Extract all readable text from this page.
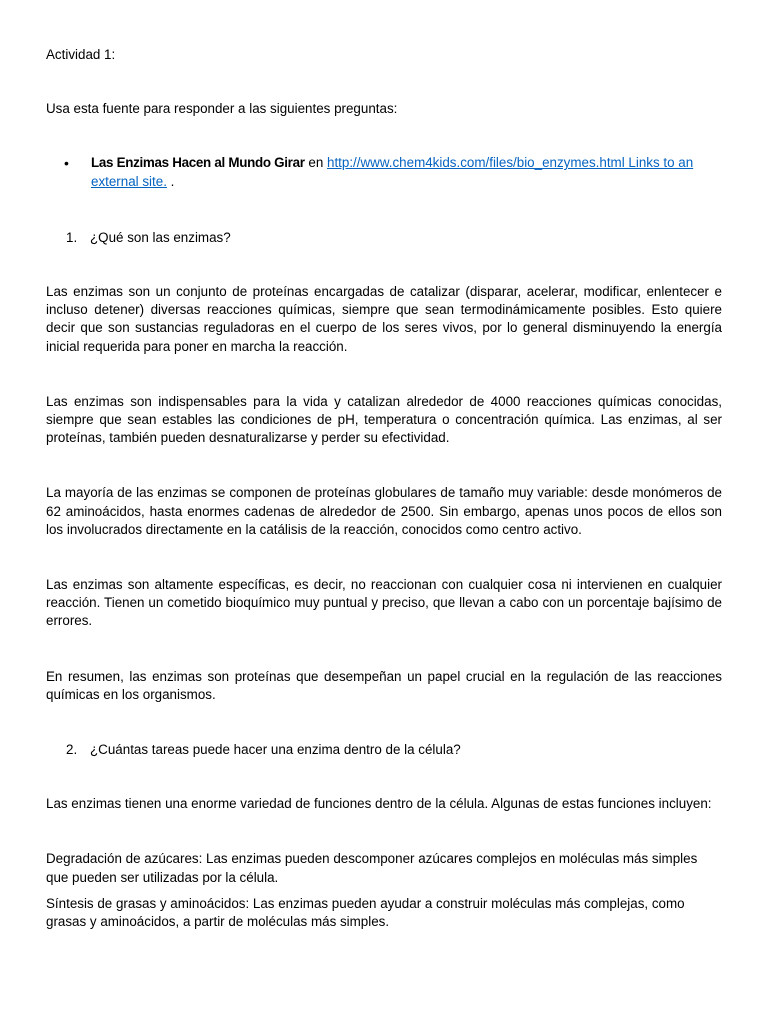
Actividad 1:

Usa esta fuente para responder a las siguientes preguntas:

•	Las Enzimas Hacen al Mundo Girar en http://www.chem4kids.com/files/bio_enzymes.html Links to an external site. .
1. ¿Qué son las enzimas?

Las enzimas son un conjunto de proteínas encargadas de catalizar (disparar, acelerar, modificar, enlentecer e incluso detener) diversas reacciones químicas, siempre que sean termodinámicamente posibles. Esto quiere decir que son sustancias reguladoras en el cuerpo de los seres vivos, por lo general disminuyendo la energía inicial requerida para poner en marcha la reacción.

Las enzimas son indispensables para la vida y catalizan alrededor de 4000 reacciones químicas conocidas, siempre que sean estables las condiciones de pH, temperatura o concentración química. Las enzimas, al ser proteínas, también pueden desnaturalizarse y perder su efectividad.

La mayoría de las enzimas se componen de proteínas globulares de tamaño muy variable: desde monómeros de 62 aminoácidos, hasta enormes cadenas de alrededor de 2500. Sin embargo, apenas unos pocos de ellos son los involucrados directamente en la catálisis de la reacción, conocidos como centro activo.

Las enzimas son altamente específicas, es decir, no reaccionan con cualquier cosa ni intervienen en cualquier reacción. Tienen un cometido bioquímico muy puntual y preciso, que llevan a cabo con un porcentaje bajísimo de errores.

En resumen, las enzimas son proteínas que desempeñan un papel crucial en la regulación de las reacciones químicas en los organismos.

2. ¿Cuántas tareas puede hacer una enzima dentro de la célula?

Las enzimas tienen una enorme variedad de funciones dentro de la célula. Algunas de estas funciones incluyen:

Degradación de azúcares: Las enzimas pueden descomponer azúcares complejos en moléculas más simples que pueden ser utilizadas por la célula.

Síntesis de grasas y aminoácidos: Las enzimas pueden ayudar a construir moléculas más complejas, como grasas y aminoácidos, a partir de moléculas más simples.
